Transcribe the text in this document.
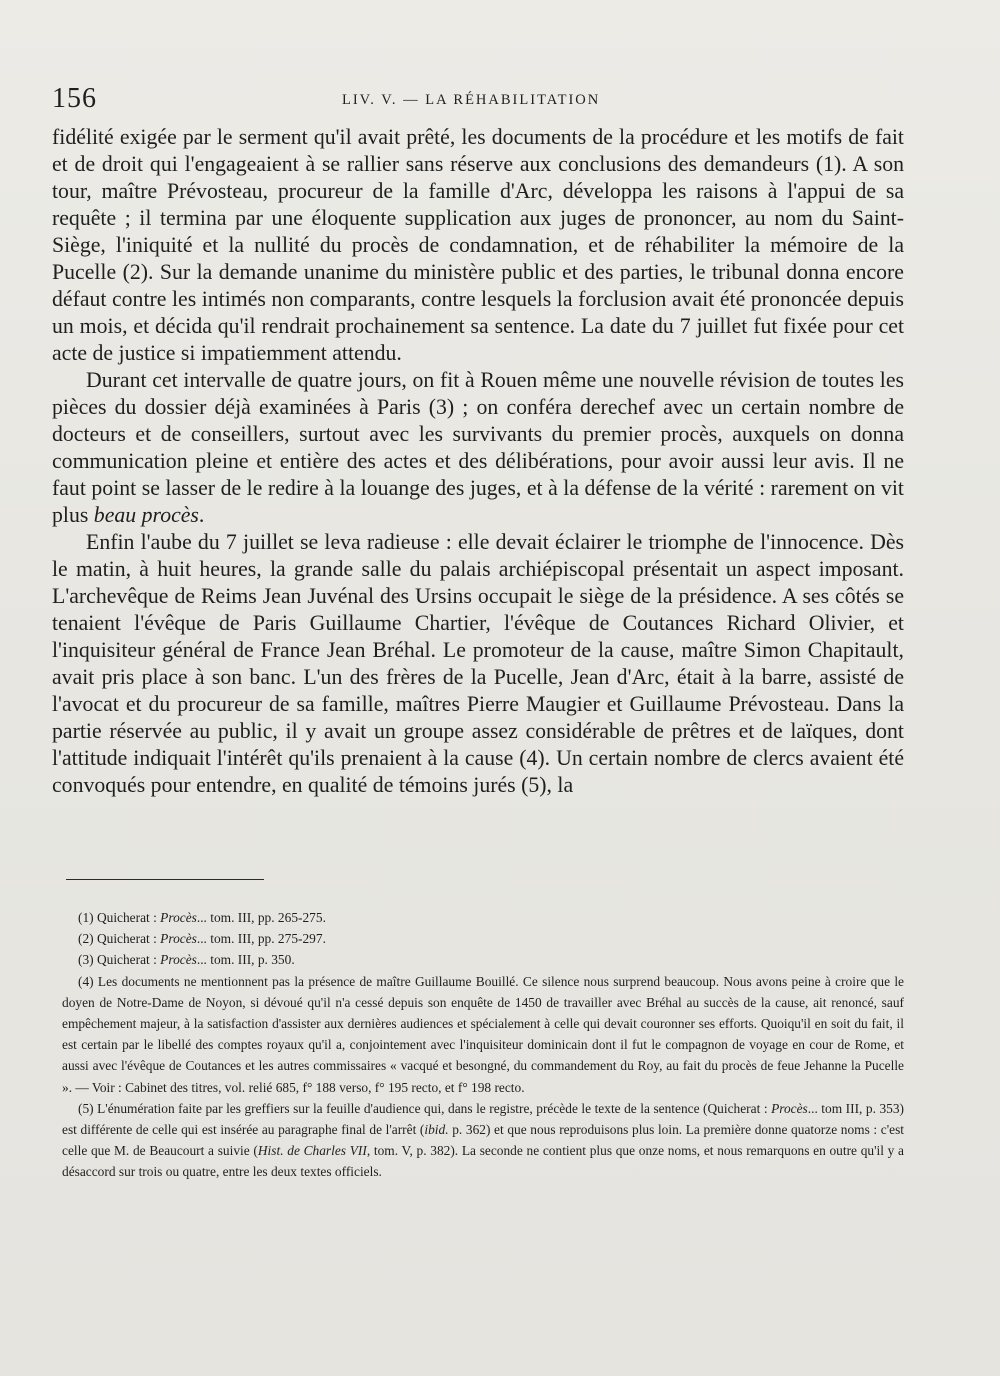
156	LIV. V. — LA RÉHABILITATION

fidélité exigée par le serment qu'il avait prêté, les documents de la procédure et les motifs de fait et de droit qui l'engageaient à se rallier sans réserve aux conclusions des demandeurs (1). A son tour, maître Prévosteau, procureur de la famille d'Arc, développa les raisons à l'appui de sa requête ; il termina par une éloquente supplication aux juges de prononcer, au nom du Saint-Siège, l'iniquité et la nullité du procès de condamnation, et de réhabiliter la mémoire de la Pucelle (2). Sur la demande unanime du ministère public et des parties, le tribunal donna encore défaut contre les intimés non comparants, contre lesquels la forclusion avait été prononcée depuis un mois, et décida qu'il rendrait prochainement sa sentence. La date du 7 juillet fut fixée pour cet acte de justice si impatiemment attendu.

Durant cet intervalle de quatre jours, on fit à Rouen même une nouvelle révision de toutes les pièces du dossier déjà examinées à Paris (3) ; on conféra derechef avec un certain nombre de docteurs et de conseillers, surtout avec les survivants du premier procès, auxquels on donna communication pleine et entière des actes et des délibérations, pour avoir aussi leur avis. Il ne faut point se lasser de le redire à la louange des juges, et à la défense de la vérité : rarement on vit plus beau procès.

Enfin l'aube du 7 juillet se leva radieuse : elle devait éclairer le triomphe de l'innocence. Dès le matin, à huit heures, la grande salle du palais archiépiscopal présentait un aspect imposant. L'archevêque de Reims Jean Juvénal des Ursins occupait le siège de la présidence. A ses côtés se tenaient l'évêque de Paris Guillaume Chartier, l'évêque de Coutances Richard Olivier, et l'inquisiteur général de France Jean Bréhal. Le promoteur de la cause, maître Simon Chapitault, avait pris place à son banc. L'un des frères de la Pucelle, Jean d'Arc, était à la barre, assisté de l'avocat et du procureur de sa famille, maîtres Pierre Maugier et Guillaume Prévosteau. Dans la partie réservée au public, il y avait un groupe assez considérable de prêtres et de laïques, dont l'attitude indiquait l'intérêt qu'ils prenaient à la cause (4). Un certain nombre de clercs avaient été convoqués pour entendre, en qualité de témoins jurés (5), la

(1) Quicherat : Procès... tom. III, pp. 265-275.

(2) Quicherat : Procès... tom. III, pp. 275-297.

(3) Quicherat : Procès... tom. III, p. 350.

(4) Les documents ne mentionnent pas la présence de maître Guillaume Bouillé. Ce silence nous surprend beaucoup. Nous avons peine à croire que le doyen de Notre-Dame de Noyon, si dévoué qu'il n'a cessé depuis son enquête de 1450 de travailler avec Bréhal au succès de la cause, ait renoncé, sauf empêchement majeur, à la satisfaction d'assister aux dernières audiences et spécialement à celle qui devait couronner ses efforts. Quoiqu'il en soit du fait, il est certain par le libellé des comptes royaux qu'il a, conjointement avec l'inquisiteur dominicain dont il fut le compagnon de voyage en cour de Rome, et aussi avec l'évêque de Coutances et les autres commissaires « vacqué et besongné, du commandement du Roy, au fait du procès de feue Jehanne la Pucelle ». — Voir : Cabinet des titres, vol. relié 685, f° 188 verso, f° 195 recto, et f° 198 recto.

(5) L'énumération faite par les greffiers sur la feuille d'audience qui, dans le registre, précède le texte de la sentence (Quicherat : Procès... tom III, p. 353) est différente de celle qui est insérée au paragraphe final de l'arrêt (ibid. p. 362) et que nous reproduisons plus loin. La première donne quatorze noms : c'est celle que M. de Beaucourt a suivie (Hist. de Charles VII, tom. V, p. 382). La seconde ne contient plus que onze noms, et nous remarquons en outre qu'il y a désaccord sur trois ou quatre, entre les deux textes officiels.
